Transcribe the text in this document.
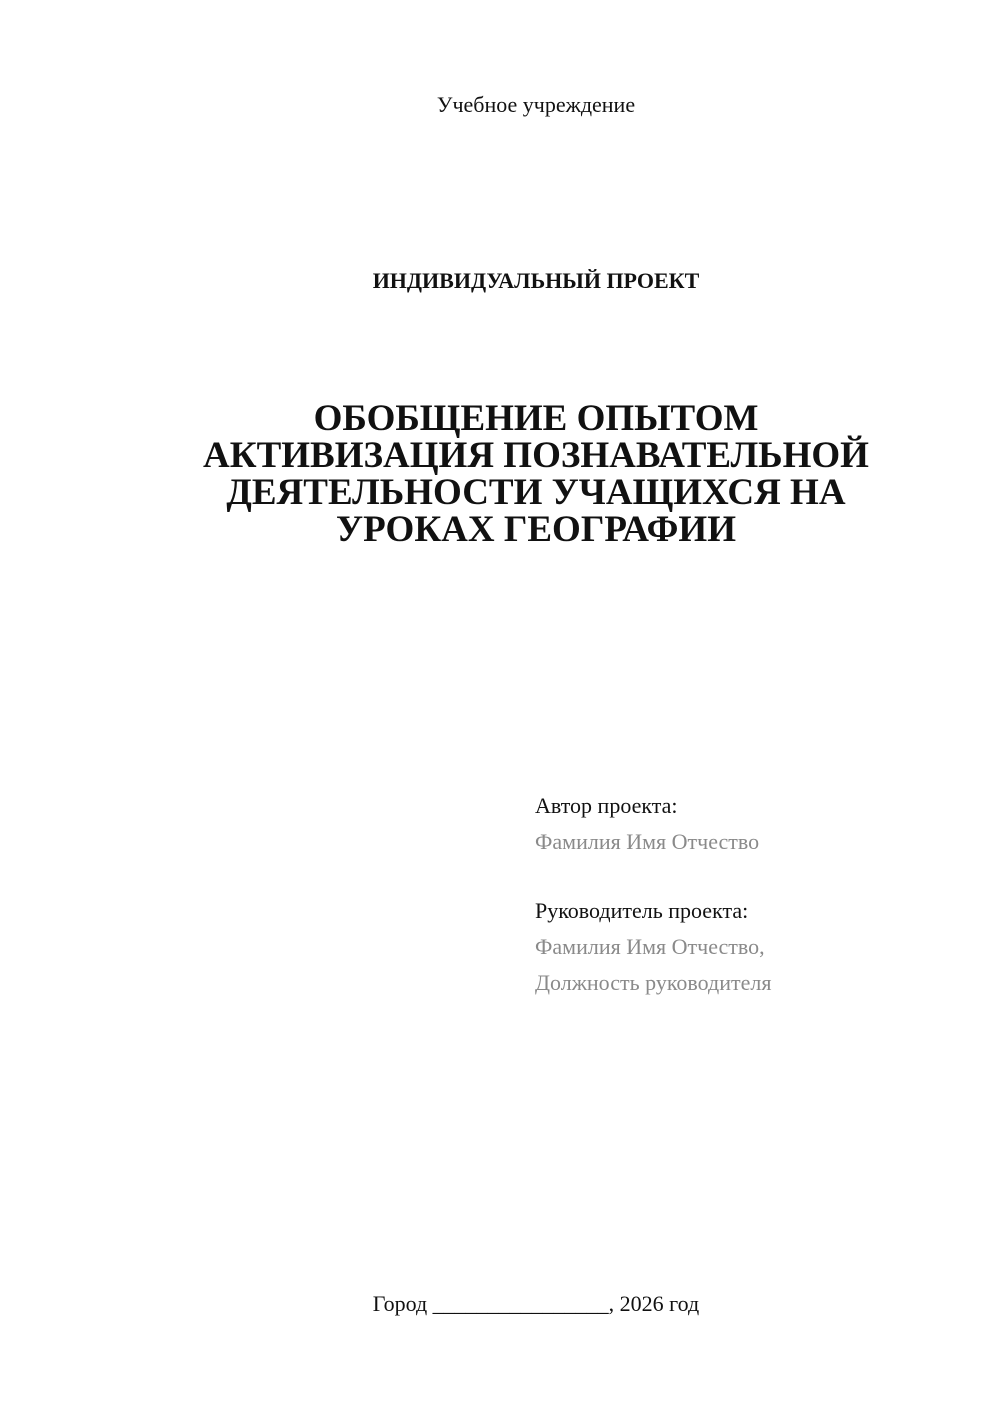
Учебное учреждение
ИНДИВИДУАЛЬНЫЙ ПРОЕКТ
ОБОБЩЕНИЕ ОПЫТОМ
АКТИВИЗАЦИЯ ПОЗНАВАТЕЛЬНОЙ
ДЕЯТЕЛЬНОСТИ УЧАЩИХСЯ НА
УРОКАХ ГЕОГРАФИИ
Автор проекта:
Фамилия Имя Отчество
Руководитель проекта:
Фамилия Имя Отчество,
Должность руководителя
Город ________________, 2026 год
